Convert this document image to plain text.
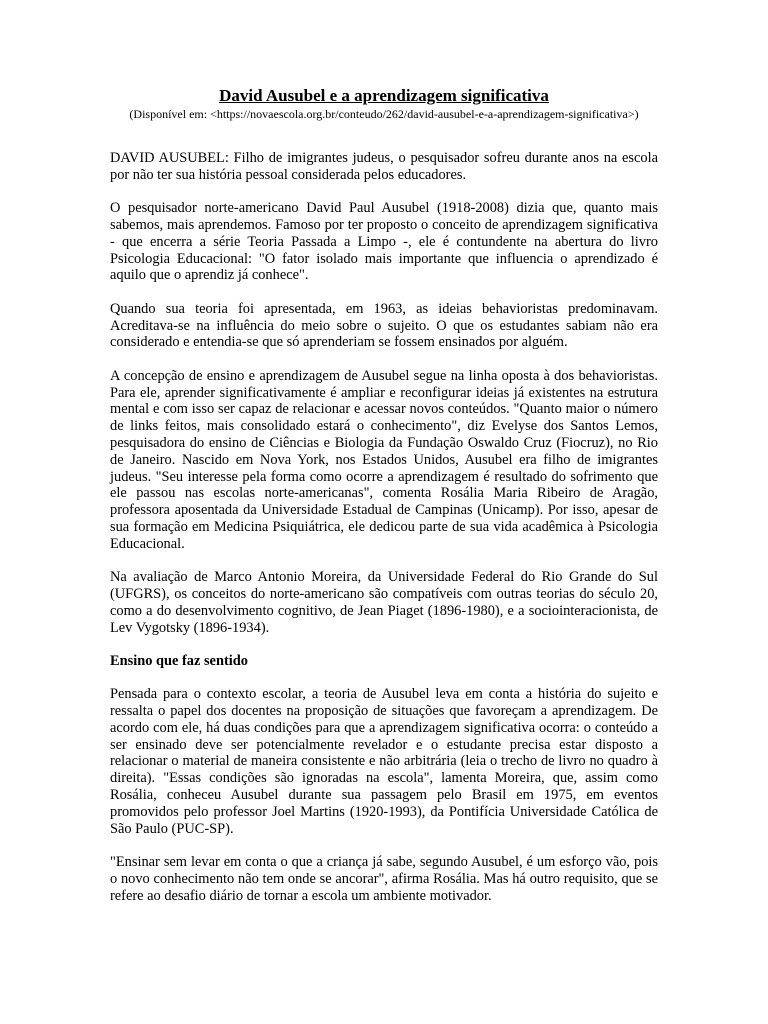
David Ausubel e a aprendizagem significativa

(Disponível em: <https://novaescola.org.br/conteudo/262/david-ausubel-e-a-aprendizagem-significativa>)

DAVID AUSUBEL: Filho de imigrantes judeus, o pesquisador sofreu durante anos na escola por não ter sua história pessoal considerada pelos educadores.

O pesquisador norte-americano David Paul Ausubel (1918-2008) dizia que, quanto mais sabemos, mais aprendemos. Famoso por ter proposto o conceito de aprendizagem significativa - que encerra a série Teoria Passada a Limpo -, ele é contundente na abertura do livro Psicologia Educacional: "O fator isolado mais importante que influencia o aprendizado é aquilo que o aprendiz já conhece".

Quando sua teoria foi apresentada, em 1963, as ideias behavioristas predominavam. Acreditava-se na influência do meio sobre o sujeito. O que os estudantes sabiam não era considerado e entendia-se que só aprenderiam se fossem ensinados por alguém.

A concepção de ensino e aprendizagem de Ausubel segue na linha oposta à dos behavioristas. Para ele, aprender significativamente é ampliar e reconfigurar ideias já existentes na estrutura mental e com isso ser capaz de relacionar e acessar novos conteúdos. "Quanto maior o número de links feitos, mais consolidado estará o conhecimento", diz Evelyse dos Santos Lemos, pesquisadora do ensino de Ciências e Biologia da Fundação Oswaldo Cruz (Fiocruz), no Rio de Janeiro. Nascido em Nova York, nos Estados Unidos, Ausubel era filho de imigrantes judeus. "Seu interesse pela forma como ocorre a aprendizagem é resultado do sofrimento que ele passou nas escolas norte-americanas", comenta Rosália Maria Ribeiro de Aragão, professora aposentada da Universidade Estadual de Campinas (Unicamp). Por isso, apesar de sua formação em Medicina Psiquiátrica, ele dedicou parte de sua vida acadêmica à Psicologia Educacional.

Na avaliação de Marco Antonio Moreira, da Universidade Federal do Rio Grande do Sul (UFGRS), os conceitos do norte-americano são compatíveis com outras teorias do século 20, como a do desenvolvimento cognitivo, de Jean Piaget (1896-1980), e a sociointeracionista, de Lev Vygotsky (1896-1934).

Ensino que faz sentido

Pensada para o contexto escolar, a teoria de Ausubel leva em conta a história do sujeito e ressalta o papel dos docentes na proposição de situações que favoreçam a aprendizagem. De acordo com ele, há duas condições para que a aprendizagem significativa ocorra: o conteúdo a ser ensinado deve ser potencialmente revelador e o estudante precisa estar disposto a relacionar o material de maneira consistente e não arbitrária (leia o trecho de livro no quadro à direita). "Essas condições são ignoradas na escola", lamenta Moreira, que, assim como Rosália, conheceu Ausubel durante sua passagem pelo Brasil em 1975, em eventos promovidos pelo professor Joel Martins (1920-1993), da Pontifícia Universidade Católica de São Paulo (PUC-SP).

"Ensinar sem levar em conta o que a criança já sabe, segundo Ausubel, é um esforço vão, pois o novo conhecimento não tem onde se ancorar", afirma Rosália. Mas há outro requisito, que se refere ao desafio diário de tornar a escola um ambiente motivador.
